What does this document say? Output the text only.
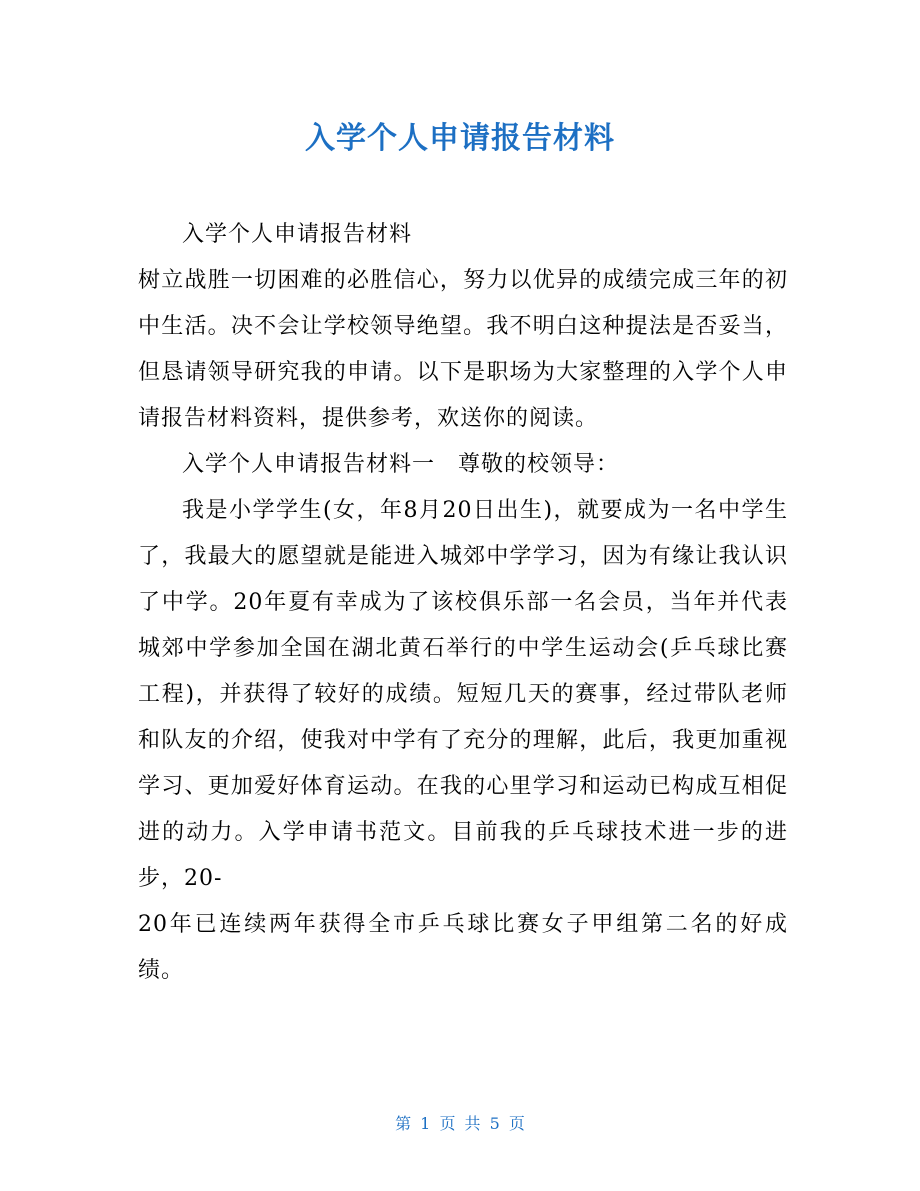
入学个人申请报告材料

入学个人申请报告材料

树立战胜一切困难的必胜信心，努力以优异的成绩完成三年的初中生活。决不会让学校领导绝望。我不明白这种提法是否妥当，但恳请领导研究我的申请。以下是职场为大家整理的入学个人申请报告材料资料，提供参考，欢送你的阅读。

入学个人申请报告材料一　尊敬的校领导：

我是小学学生(女，年8月20日出生)，就要成为一名中学生了，我最大的愿望就是能进入城郊中学学习，因为有缘让我认识了中学。20年夏有幸成为了该校俱乐部一名会员，当年并代表城郊中学参加全国在湖北黄石举行的中学生运动会(乒乓球比赛工程)，并获得了较好的成绩。短短几天的赛事，经过带队老师和队友的介绍，使我对中学有了充分的理解，此后，我更加重视学习、更加爱好体育运动。在我的心里学习和运动已构成互相促进的动力。入学申请书范文。目前我的乒乓球技术进一步的进步，20-

20年已连续两年获得全市乒乓球比赛女子甲组第二名的好成绩。

第 1 页 共 5 页
